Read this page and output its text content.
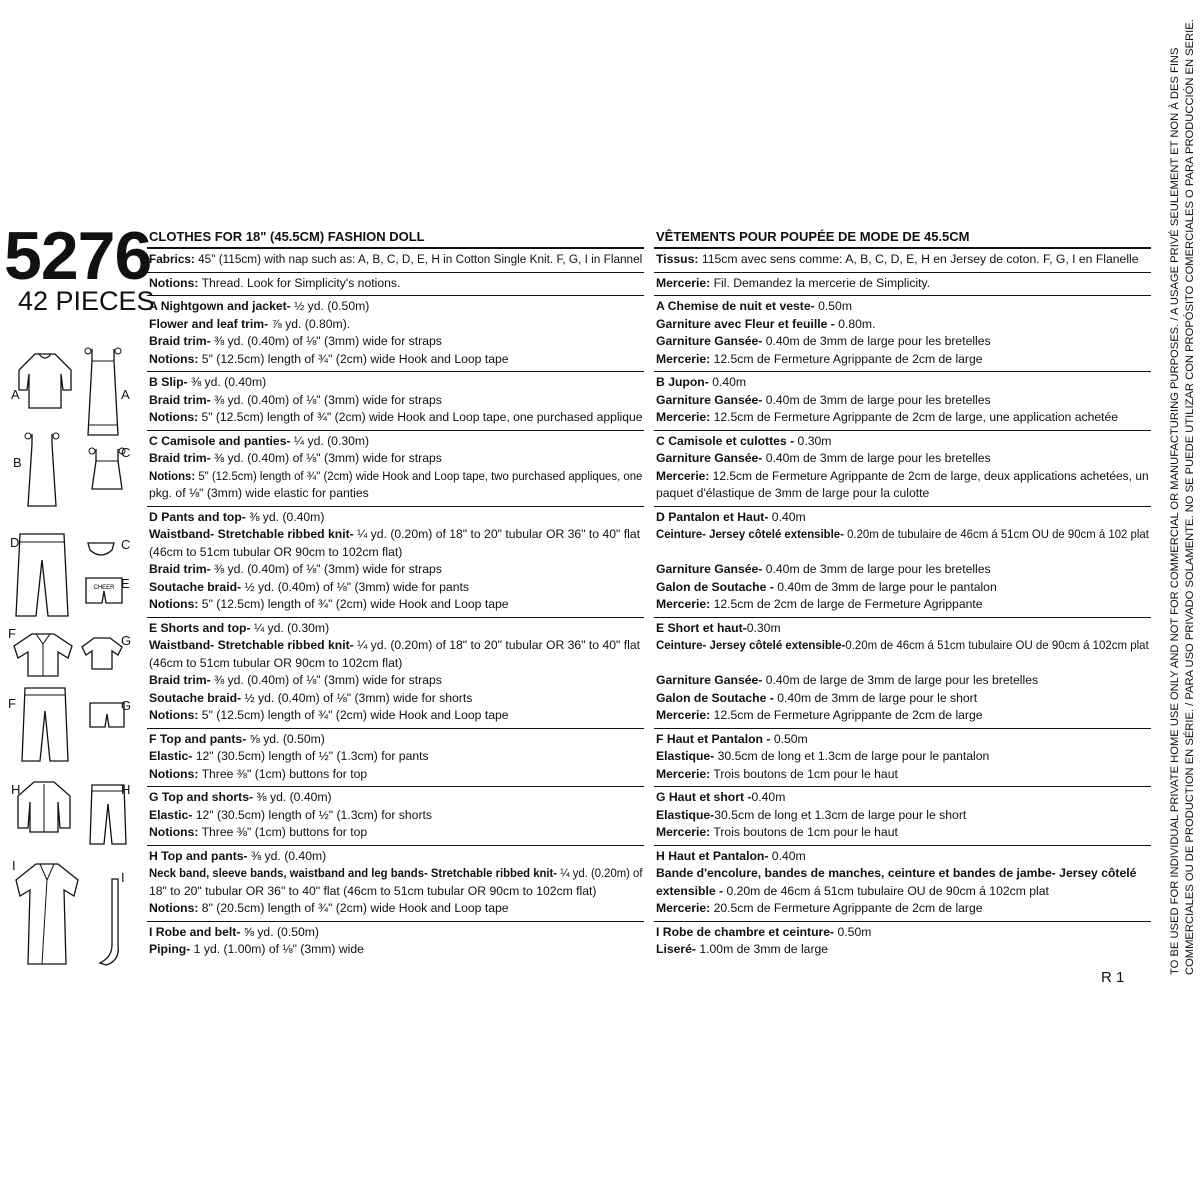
5276
42 PIECES
CHEER
A	A
B
C
D	C
E
F	G
F	G
H	H
I
I
CLOTHES FOR 18" (45.5CM) FASHION DOLL
Fabrics: 45" (115cm) with nap such as: A, B, C, D, E, H in Cotton Single Knit. F, G, I in Flannel
Notions: Thread. Look for Simplicity's notions.
A Nightgown and jacket- ½ yd. (0.50m)
Flower and leaf trim- ⅞ yd. (0.80m).
Braid trim- ⅜ yd. (0.40m) of ⅛" (3mm) wide for straps
Notions: 5" (12.5cm) length of ¾" (2cm) wide Hook and Loop tape
B Slip- ⅜ yd. (0.40m)
Braid trim- ⅜ yd. (0.40m) of ⅛" (3mm) wide for straps
Notions: 5" (12.5cm) length of ¾" (2cm) wide Hook and Loop tape, one purchased applique
C Camisole and panties- ¼ yd. (0.30m)
Braid trim- ⅜ yd. (0.40m) of ⅛" (3mm) wide for straps
Notions: 5" (12.5cm) length of ¾" (2cm) wide Hook and Loop tape, two purchased appliques, one
pkg. of ⅛" (3mm) wide elastic for panties
D Pants and top- ⅜ yd. (0.40m)
Waistband- Stretchable ribbed knit- ¼ yd. (0.20m) of 18" to 20" tubular OR 36" to 40" flat
(46cm to 51cm tubular OR 90cm to 102cm flat)
Braid trim- ⅜ yd. (0.40m) of ⅛" (3mm) wide for straps
Soutache braid- ½ yd. (0.40m) of ⅛" (3mm) wide for pants
Notions: 5" (12.5cm) length of ¾" (2cm) wide Hook and Loop tape
E Shorts and top- ¼ yd. (0.30m)
Waistband- Stretchable ribbed knit- ¼ yd. (0.20m) of 18" to 20" tubular OR 36" to 40" flat
(46cm to 51cm tubular OR 90cm to 102cm flat)
Braid trim- ⅜ yd. (0.40m) of ⅛" (3mm) wide for straps
Soutache braid- ½ yd. (0.40m) of ⅛" (3mm) wide for shorts
Notions: 5" (12.5cm) length of ¾" (2cm) wide Hook and Loop tape
F Top and pants- ⅝ yd. (0.50m)
Elastic- 12" (30.5cm) length of ½" (1.3cm) for pants
Notions: Three ⅜" (1cm) buttons for top
G Top and shorts- ⅜ yd. (0.40m)
Elastic- 12" (30.5cm) length of ½" (1.3cm) for shorts
Notions: Three ⅜" (1cm) buttons for top
H Top and pants- ⅜ yd. (0.40m)
Neck band, sleeve bands, waistband and leg bands- Stretchable ribbed knit- ¼ yd. (0.20m) of
18" to 20" tubular OR 36" to 40" flat (46cm to 51cm tubular OR 90cm to 102cm flat)
Notions: 8" (20.5cm) length of ¾" (2cm) wide Hook and Loop tape
I Robe and belt- ⅝ yd. (0.50m)
Piping- 1 yd. (1.00m) of ⅛" (3mm) wide
VÊTEMENTS POUR POUPÉE DE MODE DE 45.5CM
Tissus: 115cm avec sens comme: A, B, C, D, E, H en Jersey de coton. F, G, I en Flanelle
Mercerie: Fil. Demandez la mercerie de Simplicity.
A Chemise de nuit et veste- 0.50m
Garniture avec Fleur et feuille - 0.80m.
Garniture Gansée- 0.40m de 3mm de large pour les bretelles
Mercerie: 12.5cm de Fermeture Agrippante de 2cm de large
B Jupon- 0.40m
Garniture Gansée- 0.40m de 3mm de large pour les bretelles
Mercerie: 12.5cm de Fermeture Agrippante de 2cm de large, une application achetée
C Camisole et culottes - 0.30m
Garniture Gansée- 0.40m de 3mm de large pour les bretelles
Mercerie: 12.5cm de Fermeture Agrippante de 2cm de large, deux applications achetées, un
paquet d'élastique de 3mm de large pour la culotte
D Pantalon et Haut- 0.40m
Ceinture- Jersey côtelé extensible- 0.20m de tubulaire de 46cm á 51cm OU de 90cm á 102 plat
Garniture Gansée- 0.40m de 3mm de large pour les bretelles
Galon de Soutache - 0.40m de 3mm de large pour le pantalon
Mercerie: 12.5cm de 2cm de large de Fermeture Agrippante
E Short et haut-0.30m
Ceinture- Jersey côtelé extensible-0.20m de 46cm á 51cm tubulaire OU de 90cm á 102cm plat
Garniture Gansée- 0.40m de large de 3mm de large pour les bretelles
Galon de Soutache - 0.40m de 3mm de large pour le short
Mercerie: 12.5cm de Fermeture Agrippante de 2cm de large
F Haut et Pantalon - 0.50m
Elastique- 30.5cm de long et 1.3cm de large pour le pantalon
Mercerie: Trois boutons de 1cm pour le haut
G Haut et short -0.40m
Elastique-30.5cm de long et 1.3cm de large pour le short
Mercerie: Trois boutons de 1cm pour le haut
H Haut et Pantalon- 0.40m
Bande d'encolure, bandes de manches, ceinture et bandes de jambe- Jersey côtelé
extensible - 0.20m de 46cm á 51cm tubulaire OU de 90cm á 102cm plat
Mercerie: 20.5cm de Fermeture Agrippante de 2cm de large
I Robe de chambre et ceinture- 0.50m
Liseré- 1.00m de 3mm de large
R 1
TO BE USED FOR INDIVIDUAL PRIVATE HOME USE ONLY AND NOT FOR COMMERCIAL OR MANUFACTURING PURPOSES. / A USAGE PRIVÉ SEULEMENT ET NON À DES FINS COMMERCIALES OU DE PRODUCTION EN SÉRIE. / PARA USO PRIVADO SOLAMENTE. NO SE PUEDE UTILIZAR CON PROPÓSITO COMERCIALES O PARA PRODUCCIÓN EN SERIE.
